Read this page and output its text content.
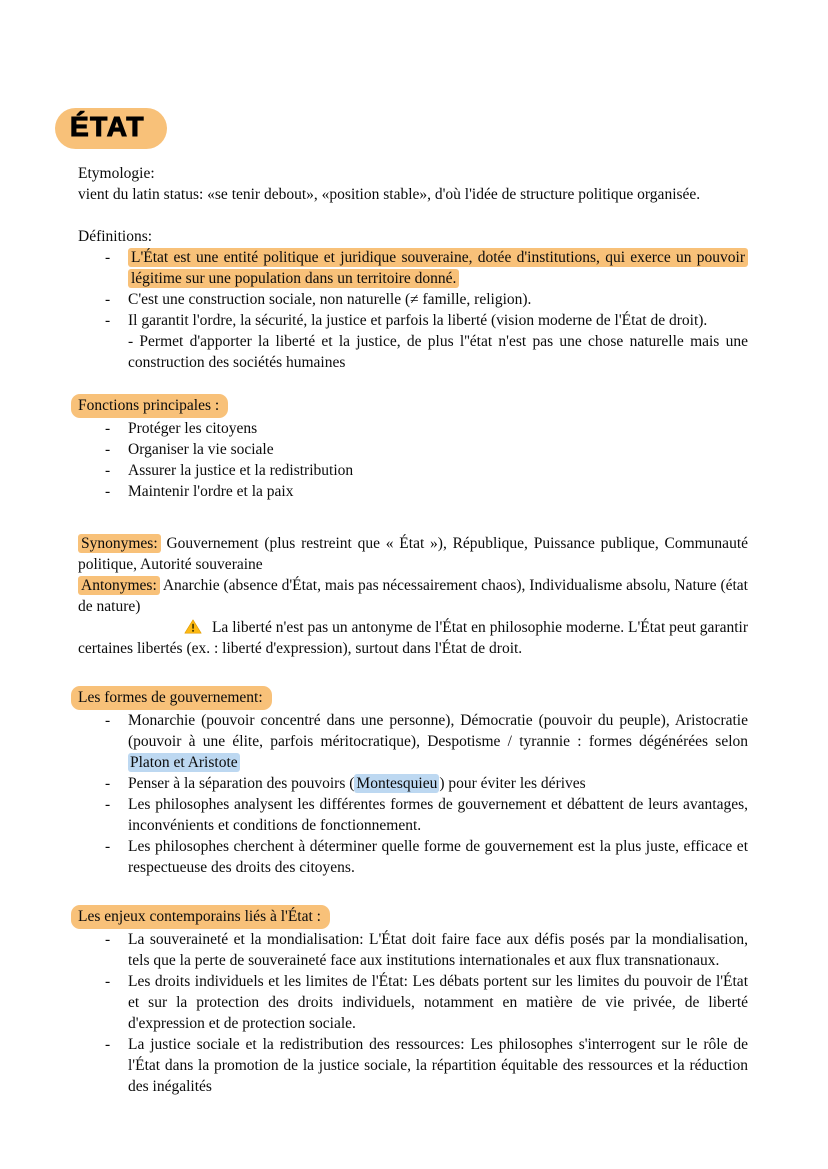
ÉTAT

Etymologie:

vient du latin status: «se tenir debout», «position stable», d'où l'idée de structure politique organisée.

Définitions:

- L'État est une entité politique et juridique souveraine, dotée d'institutions, qui exerce un pouvoir légitime sur une population dans un territoire donné.
- C'est une construction sociale, non naturelle (≠ famille, religion).
- Il garantit l'ordre, la sécurité, la justice et parfois la liberté (vision moderne de l'État de droit).

- Permet d'apporter la liberté et la justice, de plus l''état n'est pas une chose naturelle mais une construction des sociétés humaines

Fonctions principales :

- Protéger les citoyens
- Organiser la vie sociale
- Assurer la justice et la redistribution
- Maintenir l'ordre et la paix

Synonymes: Gouvernement (plus restreint que « État »), République, Puissance publique, Communauté politique, Autorité souveraine

Antonymes: Anarchie (absence d'État, mais pas nécessairement chaos), Individualisme absolu, Nature (état de nature)

La liberté n'est pas un antonyme de l'État en philosophie moderne. L'État peut garantir certaines libertés (ex. : liberté d'expression), surtout dans l'État de droit.

Les formes de gouvernement:

- Monarchie (pouvoir concentré dans une personne), Démocratie (pouvoir du peuple), Aristocratie (pouvoir à une élite, parfois méritocratique), Despotisme / tyrannie : formes dégénérées selon Platon et Aristote
- Penser à la séparation des pouvoirs ( Montesquieu ) pour éviter les dérives
- Les philosophes analysent les différentes formes de gouvernement et débattent de leurs avantages, inconvénients et conditions de fonctionnement.
- Les philosophes cherchent à déterminer quelle forme de gouvernement est la plus juste, efficace et respectueuse des droits des citoyens.

Les enjeux contemporains liés à l'État :

- La souveraineté et la mondialisation: L'État doit faire face aux défis posés par la mondialisation, tels que la perte de souveraineté face aux institutions internationales et aux flux transnationaux.
- Les droits individuels et les limites de l'État: Les débats portent sur les limites du pouvoir de l'État et sur la protection des droits individuels, notamment en matière de vie privée, de liberté d'expression et de protection sociale.
- La justice sociale et la redistribution des ressources: Les philosophes s'interrogent sur le rôle de l'État dans la promotion de la justice sociale, la répartition équitable des ressources et la réduction des inégalités
